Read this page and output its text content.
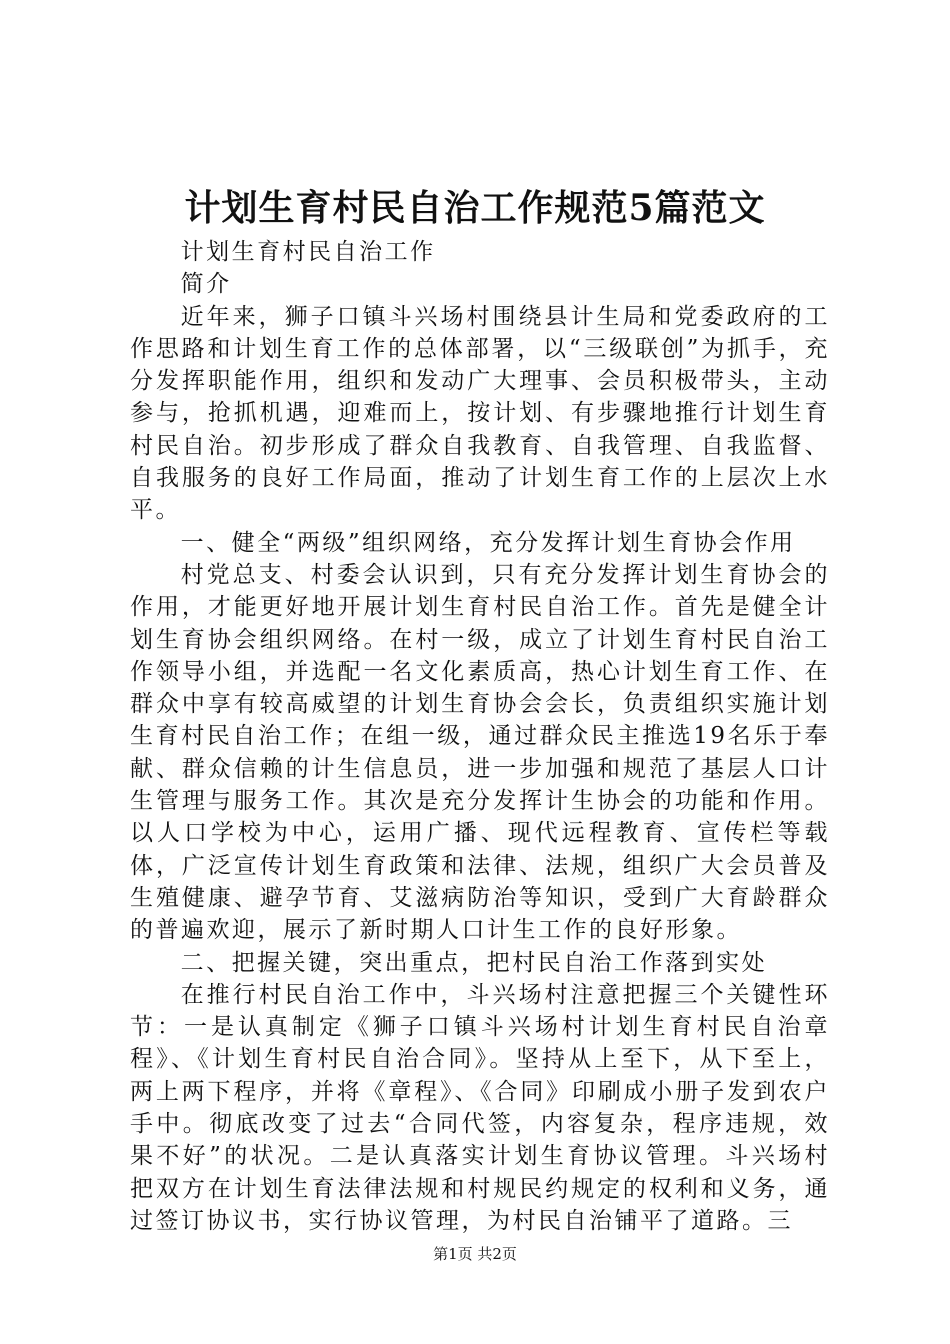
计划生育村民自治工作规范5篇范文

计划生育村民自治工作

简介

近年来，狮子口镇斗兴场村围绕县计生局和党委政府的工作思路和计划生育工作的总体部署，以“三级联创”为抓手，充分发挥职能作用，组织和发动广大理事、会员积极带头，主动参与，抢抓机遇，迎难而上，按计划、有步骤地推行计划生育村民自治。初步形成了群众自我教育、自我管理、自我监督、自我服务的良好工作局面，推动了计划生育工作的上层次上水平。

一、健全“两级”组织网络，充分发挥计划生育协会作用

村党总支、村委会认识到，只有充分发挥计划生育协会的作用，才能更好地开展计划生育村民自治工作。首先是健全计划生育协会组织网络。在村一级，成立了计划生育村民自治工作领导小组，并选配一名文化素质高，热心计划生育工作、在群众中享有较高威望的计划生育协会会长，负责组织实施计划生育村民自治工作；在组一级，通过群众民主推选19名乐于奉献、群众信赖的计生信息员，进一步加强和规范了基层人口计生管理与服务工作。其次是充分发挥计生协会的功能和作用。以人口学校为中心，运用广播、现代远程教育、宣传栏等载体，广泛宣传计划生育政策和法律、法规，组织广大会员普及生殖健康、避孕节育、艾滋病防治等知识，受到广大育龄群众的普遍欢迎，展示了新时期人口计生工作的良好形象。

二、把握关键，突出重点，把村民自治工作落到实处

在推行村民自治工作中，斗兴场村注意把握三个关键性环节：一是认真制定《狮子口镇斗兴场村计划生育村民自治章程》、《计划生育村民自治合同》。坚持从上至下，从下至上，两上两下程序，并将《章程》、《合同》印刷成小册子发到农户手中。彻底改变了过去“合同代签，内容复杂，程序违规，效果不好”的状况。二是认真落实计划生育协议管理。斗兴场村把双方在计划生育法律法规和村规民约规定的权利和义务，通过签订协议书，实行协议管理，为村民自治铺平了道路。三

第1页 共2页
